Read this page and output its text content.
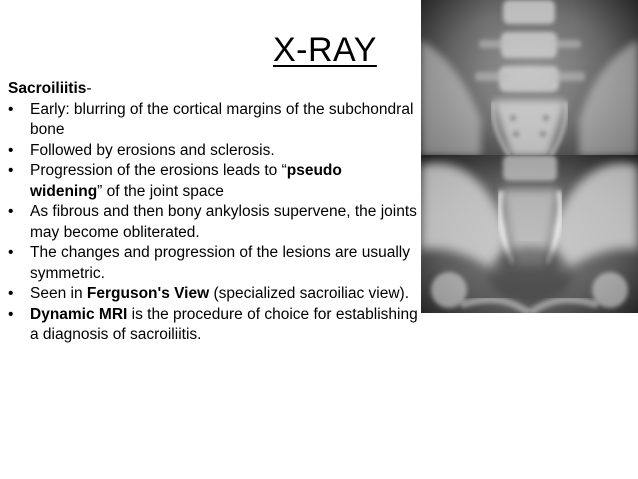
X-RAY
Sacroiliitis-
• Early: blurring of the cortical margins of the subchondral bone
• Followed by erosions and sclerosis.
• Progression of the erosions leads to “pseudo widening” of the joint space
• As fibrous and then bony ankylosis supervene, the joints may become obliterated.
• The changes and progression of the lesions are usually symmetric.
• Seen in Ferguson's View (specialized sacroiliac view).
• Dynamic MRI is the procedure of choice for establishing a diagnosis of sacroiliitis.
